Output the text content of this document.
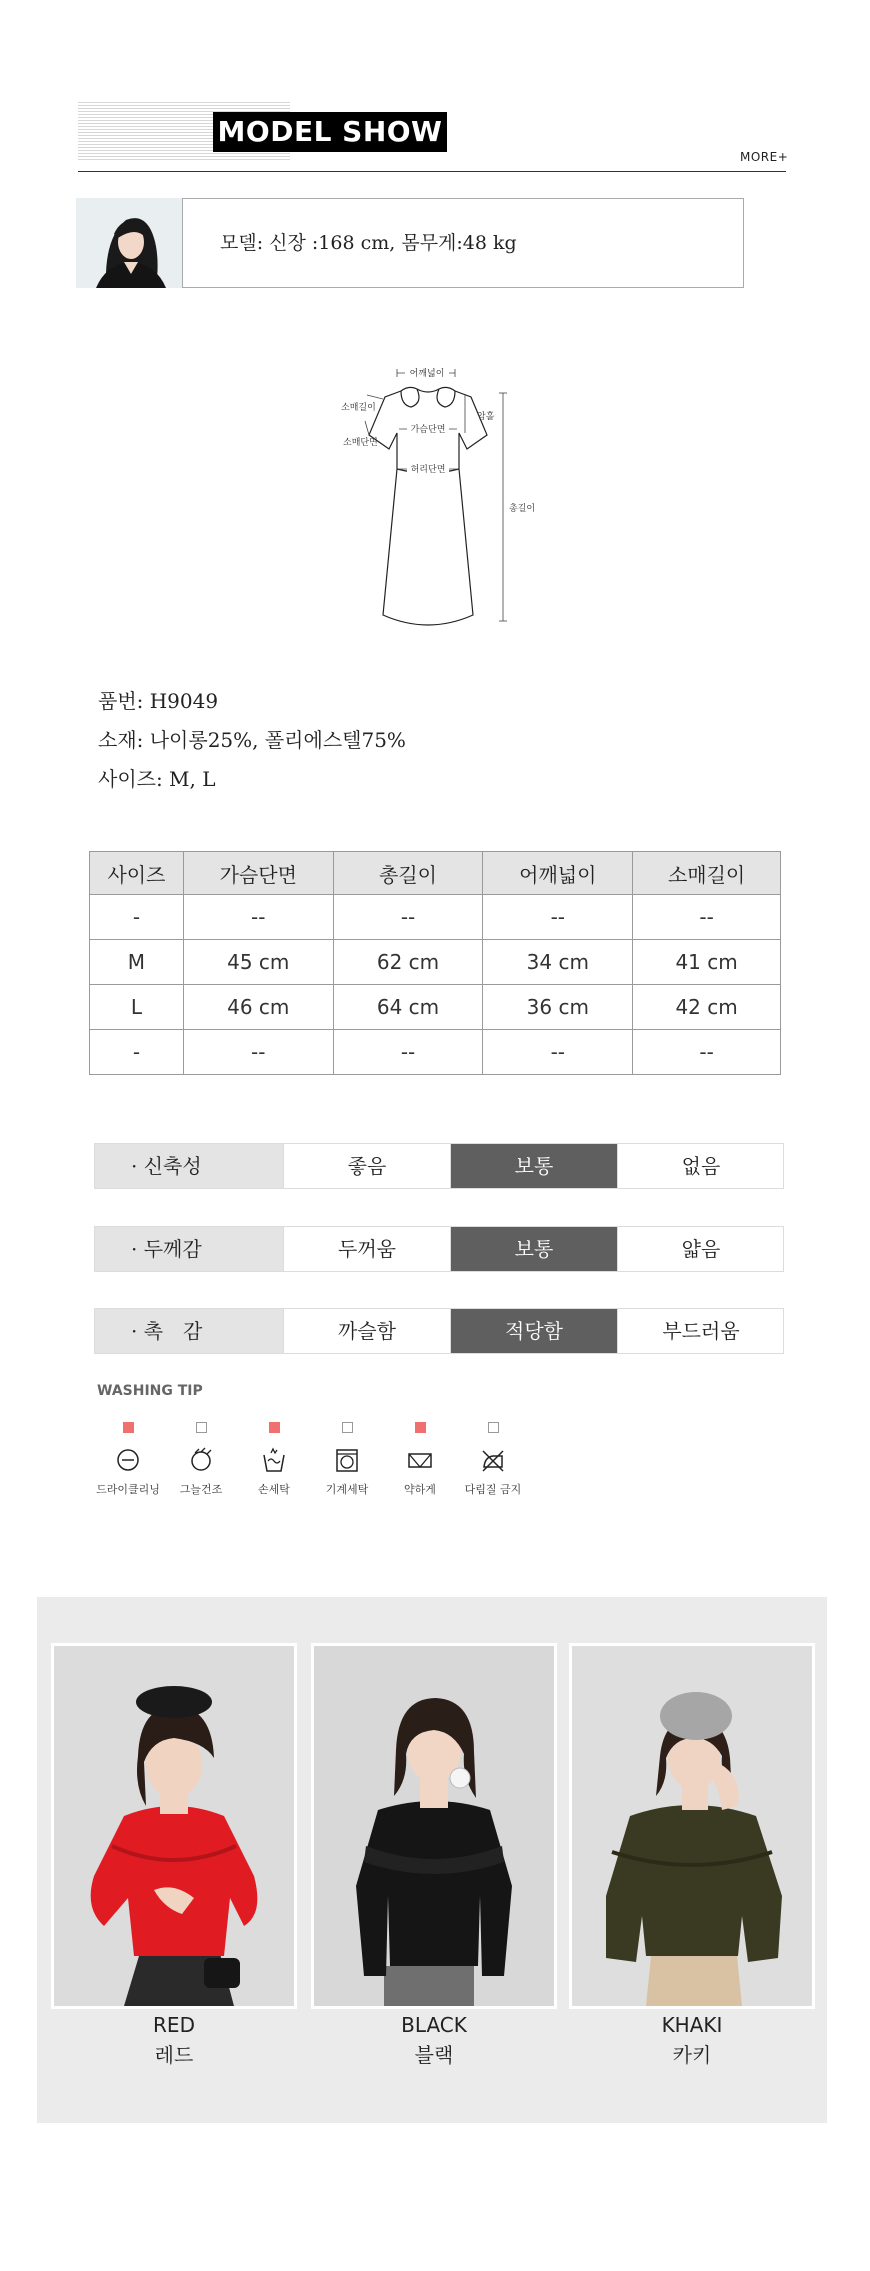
MODEL SHOW
MORE+
모델: 신장 :168 cm, 몸무게:48 kg
어깨넓이
소매길이
소매단면
가슴단면
허리단면
암홀
총길이
품번: H9049
소재: 나이롱25%, 폴리에스텔75%
사이즈: M, L
사이즈	가슴단면	총길이	어깨넓이	소매길이
-	--	--	--	--
M	45 cm	62 cm	34 cm	41 cm
L	46 cm	64 cm	36 cm	42 cm
-	--	--	--	--
· 신축성	좋음	보통	없음
· 두께감	두꺼움	보통	얇음
· 촉　감	까슬함	적당함	부드러움
WASHING TIP
드라이클리닝	그늘건조	손세탁	기계세탁	약하게	다림질 금지
RED
레드
BLACK
블랙
KHAKI
카키
